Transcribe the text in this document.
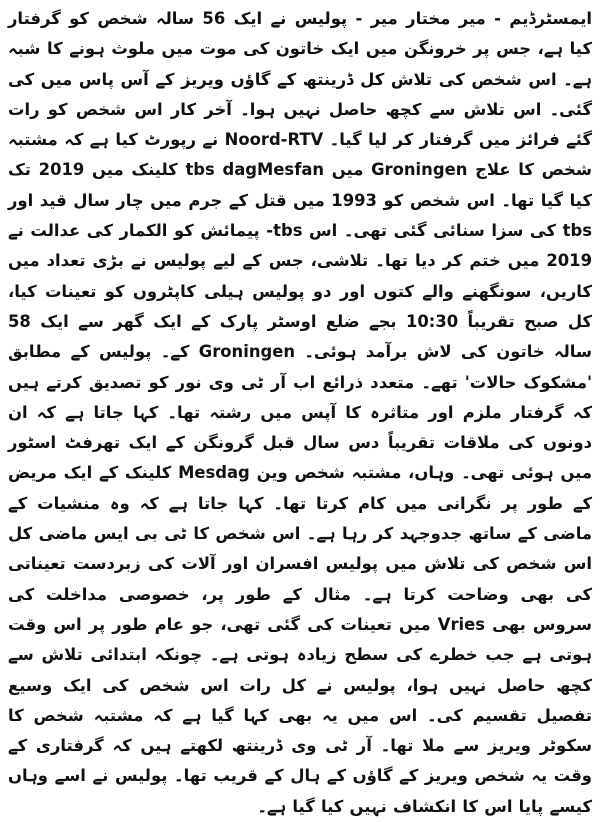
ایمسٹرڈیم - میر مختار میر - پولیس نے ایک 56 سالہ شخص کو گرفتار کیا ہے، جس پر خرونگن میں ایک خاتون کی موت میں ملوث ہونے کا شبہ ہے۔ اس شخص کی تلاش کل ڈرینتھ کے گاؤں ویریز کے آس پاس میں کی گئی۔ اس تلاش سے کچھ حاصل نہیں ہوا۔ آخر کار اس شخص کو رات گئے فرائز میں گرفتار کر لیا گیا۔ Noord-RTV نے رپورٹ کیا ہے کہ مشتبہ شخص کا علاج Groningen میں tbs dagMesfan کلینک میں 2019 تک کیا گیا تھا۔ اس شخص کو 1993 میں قتل کے جرم میں چار سال قید اور tbs کی سزا سنائی گئی تھی۔ اس tbs- پیمائش کو الکمار کی عدالت نے 2019 میں ختم کر دیا تھا۔ تلاشی، جس کے لیے پولیس نے بڑی تعداد میں کاریں، سونگھنے والے کتوں اور دو پولیس ہیلی کاپٹروں کو تعینات کیا، کل صبح تقریباً 10:30 بجے ضلع اوسٹر پارک کے ایک گھر سے ایک 58 سالہ خاتون کی لاش برآمد ہوئی۔ Groningen کے۔ پولیس کے مطابق 'مشکوک حالات' تھے۔ متعدد ذرائع اب آر ٹی وی نور کو تصدیق کرتے ہیں کہ گرفتار ملزم اور متاثرہ کا آپس میں رشتہ تھا۔ کہا جاتا ہے کہ ان دونوں کی ملاقات تقریباً دس سال قبل گرونگن کے ایک تھرفٹ اسٹور میں ہوئی تھی۔ وہاں، مشتبہ شخص وین Mesdag کلینک کے ایک مریض کے طور پر نگرانی میں کام کرتا تھا۔ کہا جاتا ہے کہ وہ منشیات کے ماضی کے ساتھ جدوجہد کر رہا ہے۔ اس شخص کا ٹی بی ایس ماضی کل اس شخص کی تلاش میں پولیس افسران اور آلات کی زبردست تعیناتی کی بھی وضاحت کرتا ہے۔ مثال کے طور پر، خصوصی مداخلت کی سروس بھی Vries میں تعینات کی گئی تھی، جو عام طور پر اس وقت ہوتی ہے جب خطرے کی سطح زیادہ ہوتی ہے۔ چونکہ ابتدائی تلاش سے کچھ حاصل نہیں ہوا، پولیس نے کل رات اس شخص کی ایک وسیع تفصیل تقسیم کی۔ اس میں یہ بھی کہا گیا ہے کہ مشتبہ شخص کا سکوٹر ویریز سے ملا تھا۔ آر ٹی وی ڈرینتھ لکھتے ہیں کہ گرفتاری کے وقت یہ شخص ویریز کے گاؤں کے ہال کے قریب تھا۔ پولیس نے اسے وہاں کیسے پایا اس کا انکشاف نہیں کیا گیا ہے۔
